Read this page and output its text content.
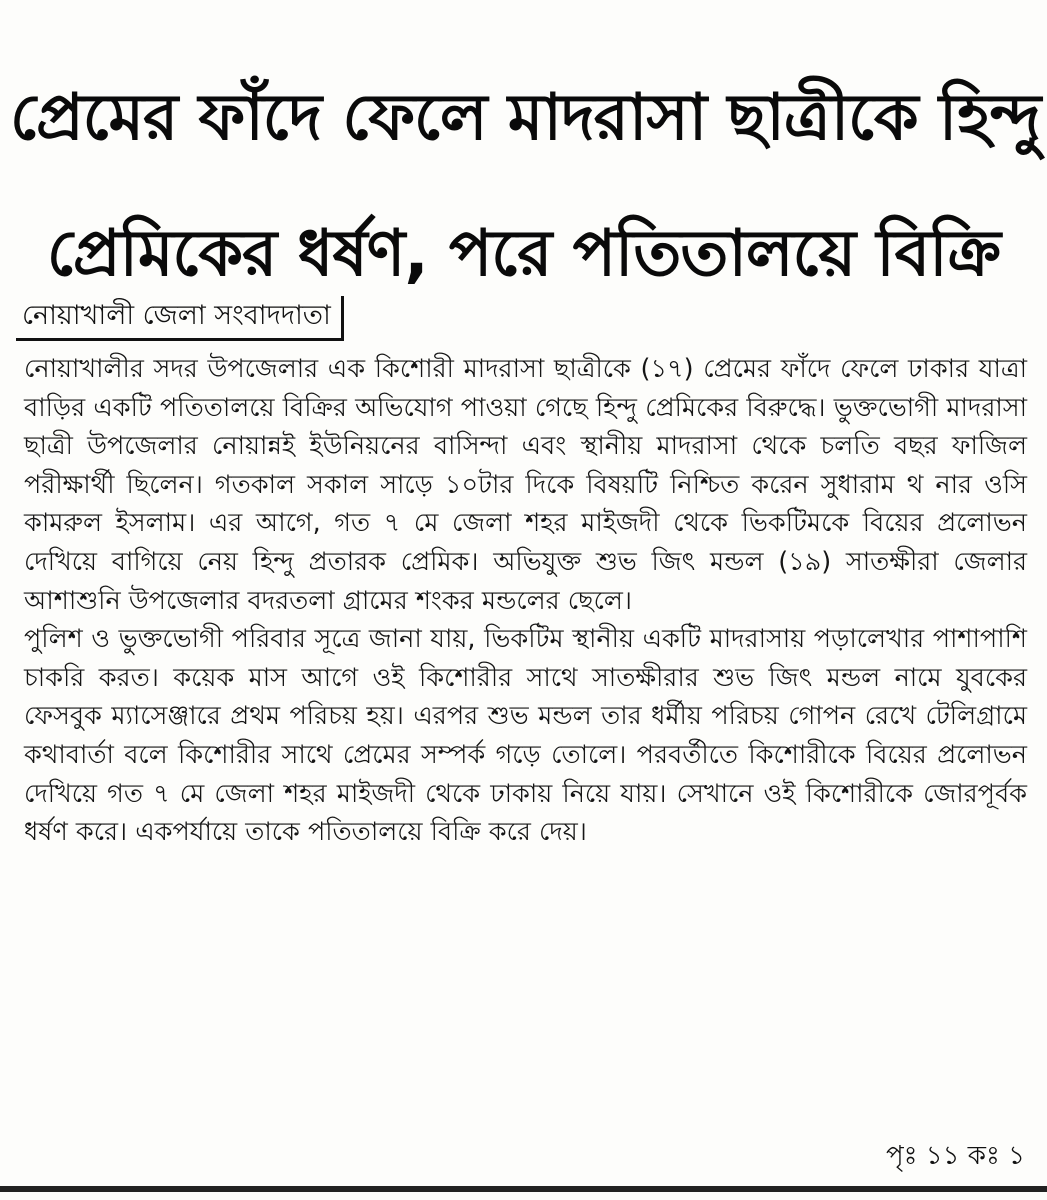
প্রেমের ফাঁদে ফেলে মাদরাসা ছাত্রীকে হিন্দু
প্রেমিকের ধর্ষণ, পরে পতিতালয়ে বিক্রি
নোয়াখালী জেলা সংবাদদাতা

নোয়াখালীর সদর উপজেলার এক কিশোরী মাদরাসা ছাত্রীকে (১৭) প্রেমের ফাঁদে ফেলে ঢাকার যাত্রা বাড়ির একটি পতিতালয়ে বিক্রির অভিযোগ পাওয়া গেছে হিন্দু প্রেমিকের বিরুদ্ধে। ভুক্তভোগী মাদরাসা ছাত্রী উপজেলার নোয়ান্নই ইউনিয়নের বাসিন্দা এবং স্থানীয় মাদরাসা থেকে চলতি বছর ফাজিল পরীক্ষার্থী ছিলেন। গতকাল সকাল সাড়ে ১০টার দিকে বিষয়টি নিশ্চিত করেন সুধারাম থ নার ওসি কামরুল ইসলাম। এর আগে, গত ৭ মে জেলা শহর মাইজদী থেকে ভিকটিমকে বিয়ের প্রলোভন দেখিয়ে বাগিয়ে নেয় হিন্দু প্রতারক প্রেমিক। অভিযুক্ত শুভ জিৎ মন্ডল (১৯) সাতক্ষীরা জেলার আশাশুনি উপজেলার বদরতলা গ্রামের শংকর মন্ডলের ছেলে।

পুলিশ ও ভুক্তভোগী পরিবার সূত্রে জানা যায়, ভিকটিম স্থানীয় একটি মাদরাসায় পড়ালেখার পাশাপাশি চাকরি করত। কয়েক মাস আগে ওই কিশোরীর সাথে সাতক্ষীরার শুভ জিৎ মন্ডল নামে যুবকের ফেসবুক ম্যাসেঞ্জারে প্রথম পরিচয় হয়। এরপর শুভ মন্ডল তার ধর্মীয় পরিচয় গোপন রেখে টেলিগ্রামে কথাবার্তা বলে কিশোরীর সাথে প্রেমের সম্পর্ক গড়ে তোলে। পরবর্তীতে কিশোরীকে বিয়ের প্রলোভন দেখিয়ে গত ৭ মে জেলা শহর মাইজদী থেকে ঢাকায় নিয়ে যায়। সেখানে ওই কিশোরীকে জোরপূর্বক ধর্ষণ করে। একপর্যায়ে তাকে পতিতালয়ে বিক্রি করে দেয়।

পৃঃ ১১ কঃ ১
